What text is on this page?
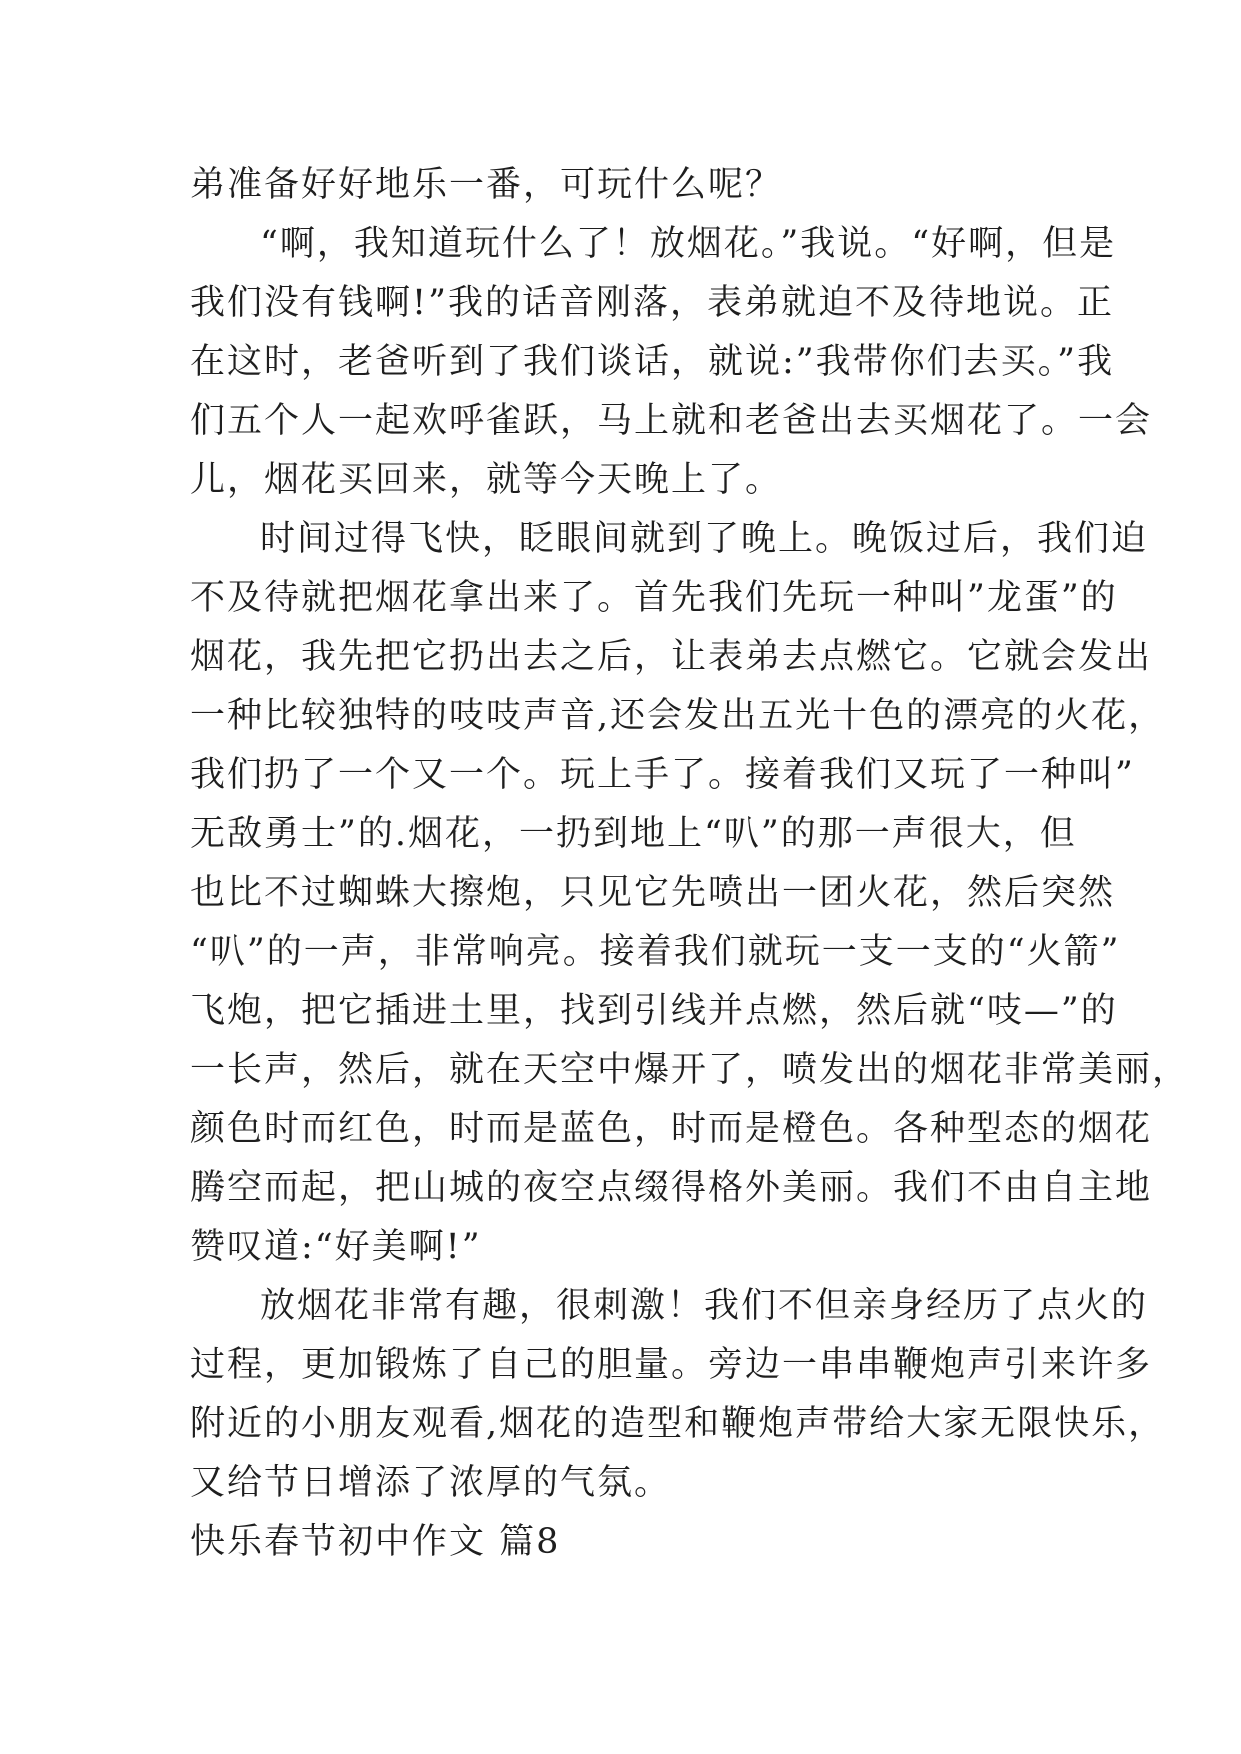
弟准备好好地乐一番，可玩什么呢？
“啊，我知道玩什么了！放烟花。”我说。“好啊，但是
我们没有钱啊!”我的话音刚落，表弟就迫不及待地说。正
在这时，老爸听到了我们谈话，就说:”我带你们去买。”我
们五个人一起欢呼雀跃，马上就和老爸出去买烟花了。一会
儿，烟花买回来，就等今天晚上了。
时间过得飞快，眨眼间就到了晚上。晚饭过后，我们迫
不及待就把烟花拿出来了。首先我们先玩一种叫”龙蛋”的
烟花，我先把它扔出去之后，让表弟去点燃它。它就会发出
一种比较独特的吱吱声音,还会发出五光十色的漂亮的火花，
我们扔了一个又一个。玩上手了。接着我们又玩了一种叫”
无敌勇士”的.烟花，一扔到地上“叭”的那一声很大，但
也比不过蜘蛛大擦炮，只见它先喷出一团火花，然后突然
“叭”的一声，非常响亮。接着我们就玩一支一支的“火箭”
飞炮，把它插进土里，找到引线并点燃，然后就“吱—”的
一长声，然后，就在天空中爆开了，喷发出的烟花非常美丽，
颜色时而红色，时而是蓝色，时而是橙色。各种型态的烟花
腾空而起，把山城的夜空点缀得格外美丽。我们不由自主地
赞叹道:“好美啊!”
放烟花非常有趣，很刺激！我们不但亲身经历了点火的
过程，更加锻炼了自己的胆量。旁边一串串鞭炮声引来许多
附近的小朋友观看,烟花的造型和鞭炮声带给大家无限快乐，
又给节日增添了浓厚的气氛。
快乐春节初中作文 篇8
